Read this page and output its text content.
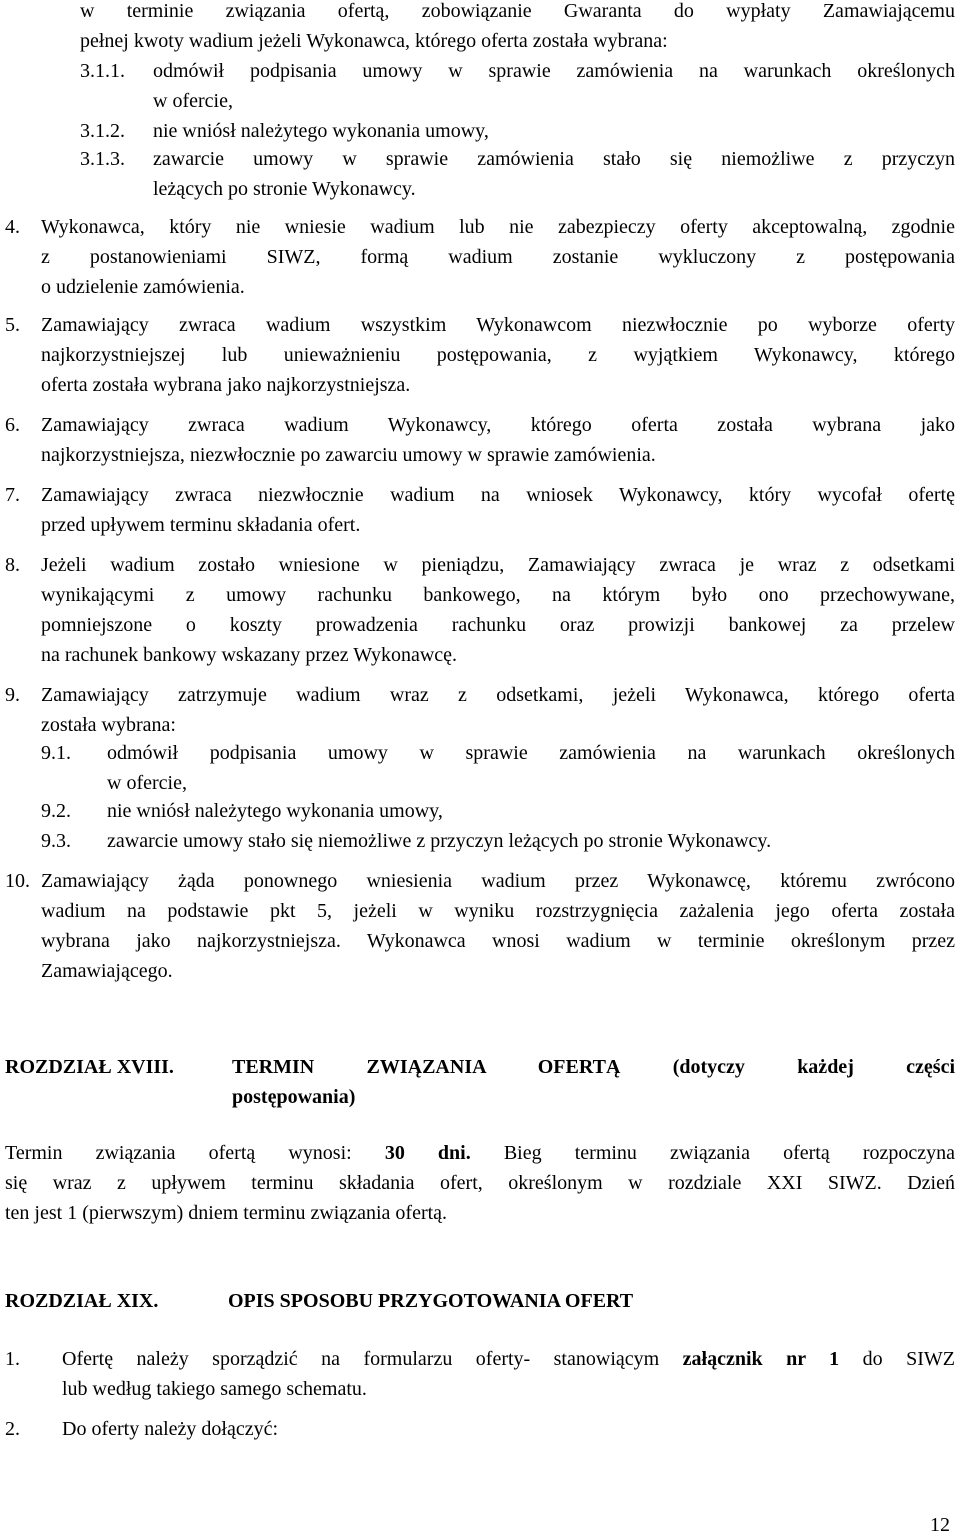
w terminie związania ofertą, zobowiązanie Gwaranta do wypłaty Zamawiającemu
pełnej kwoty wadium jeżeli Wykonawca, którego oferta została wybrana:
3.1.1. odmówił podpisania umowy w sprawie zamówienia na warunkach określonych
w ofercie,
3.1.2. nie wniósł należytego wykonania umowy,
3.1.3. zawarcie umowy w sprawie zamówienia stało się niemożliwe z przyczyn
leżących po stronie Wykonawcy.
4. Wykonawca, który nie wniesie wadium lub nie zabezpieczy oferty akceptowalną, zgodnie
z postanowieniami SIWZ, formą wadium zostanie wykluczony z postępowania
o udzielenie zamówienia.
5. Zamawiający zwraca wadium wszystkim Wykonawcom niezwłocznie po wyborze oferty
najkorzystniejszej lub unieważnieniu postępowania, z wyjątkiem Wykonawcy, którego
oferta została wybrana jako najkorzystniejsza.
6. Zamawiający zwraca wadium Wykonawcy, którego oferta została wybrana jako
najkorzystniejsza, niezwłocznie po zawarciu umowy w sprawie zamówienia.
7. Zamawiający zwraca niezwłocznie wadium na wniosek Wykonawcy, który wycofał ofertę
przed upływem terminu składania ofert.
8. Jeżeli wadium zostało wniesione w pieniądzu, Zamawiający zwraca je wraz z odsetkami
wynikającymi z umowy rachunku bankowego, na którym było ono przechowywane,
pomniejszone o koszty prowadzenia rachunku oraz prowizji bankowej za przelew
na rachunek bankowy wskazany przez Wykonawcę.
9. Zamawiający zatrzymuje wadium wraz z odsetkami, jeżeli Wykonawca, którego oferta
została wybrana:
9.1. odmówił podpisania umowy w sprawie zamówienia na warunkach określonych
w ofercie,
9.2. nie wniósł należytego wykonania umowy,
9.3. zawarcie umowy stało się niemożliwe z przyczyn leżących po stronie Wykonawcy.
10. Zamawiający żąda ponownego wniesienia wadium przez Wykonawcę, któremu zwrócono
wadium na podstawie pkt 5, jeżeli w wyniku rozstrzygnięcia zażalenia jego oferta została
wybrana jako najkorzystniejsza. Wykonawca wnosi wadium w terminie określonym przez
Zamawiającego.
ROZDZIAŁ XVIII.	TERMIN ZWIĄZANIA OFERTĄ (dotyczy każdej części
postępowania)
Termin związania ofertą wynosi: 30 dni. Bieg terminu związania ofertą rozpoczyna
się wraz z upływem terminu składania ofert, określonym w rozdziale XXI SIWZ. Dzień
ten jest 1 (pierwszym) dniem terminu związania ofertą.
ROZDZIAŁ XIX.	OPIS SPOSOBU PRZYGOTOWANIA OFERT
1. Ofertę należy sporządzić na formularzu oferty- stanowiącym załącznik nr 1 do SIWZ
lub według takiego samego schematu.
2. Do oferty należy dołączyć:
12
